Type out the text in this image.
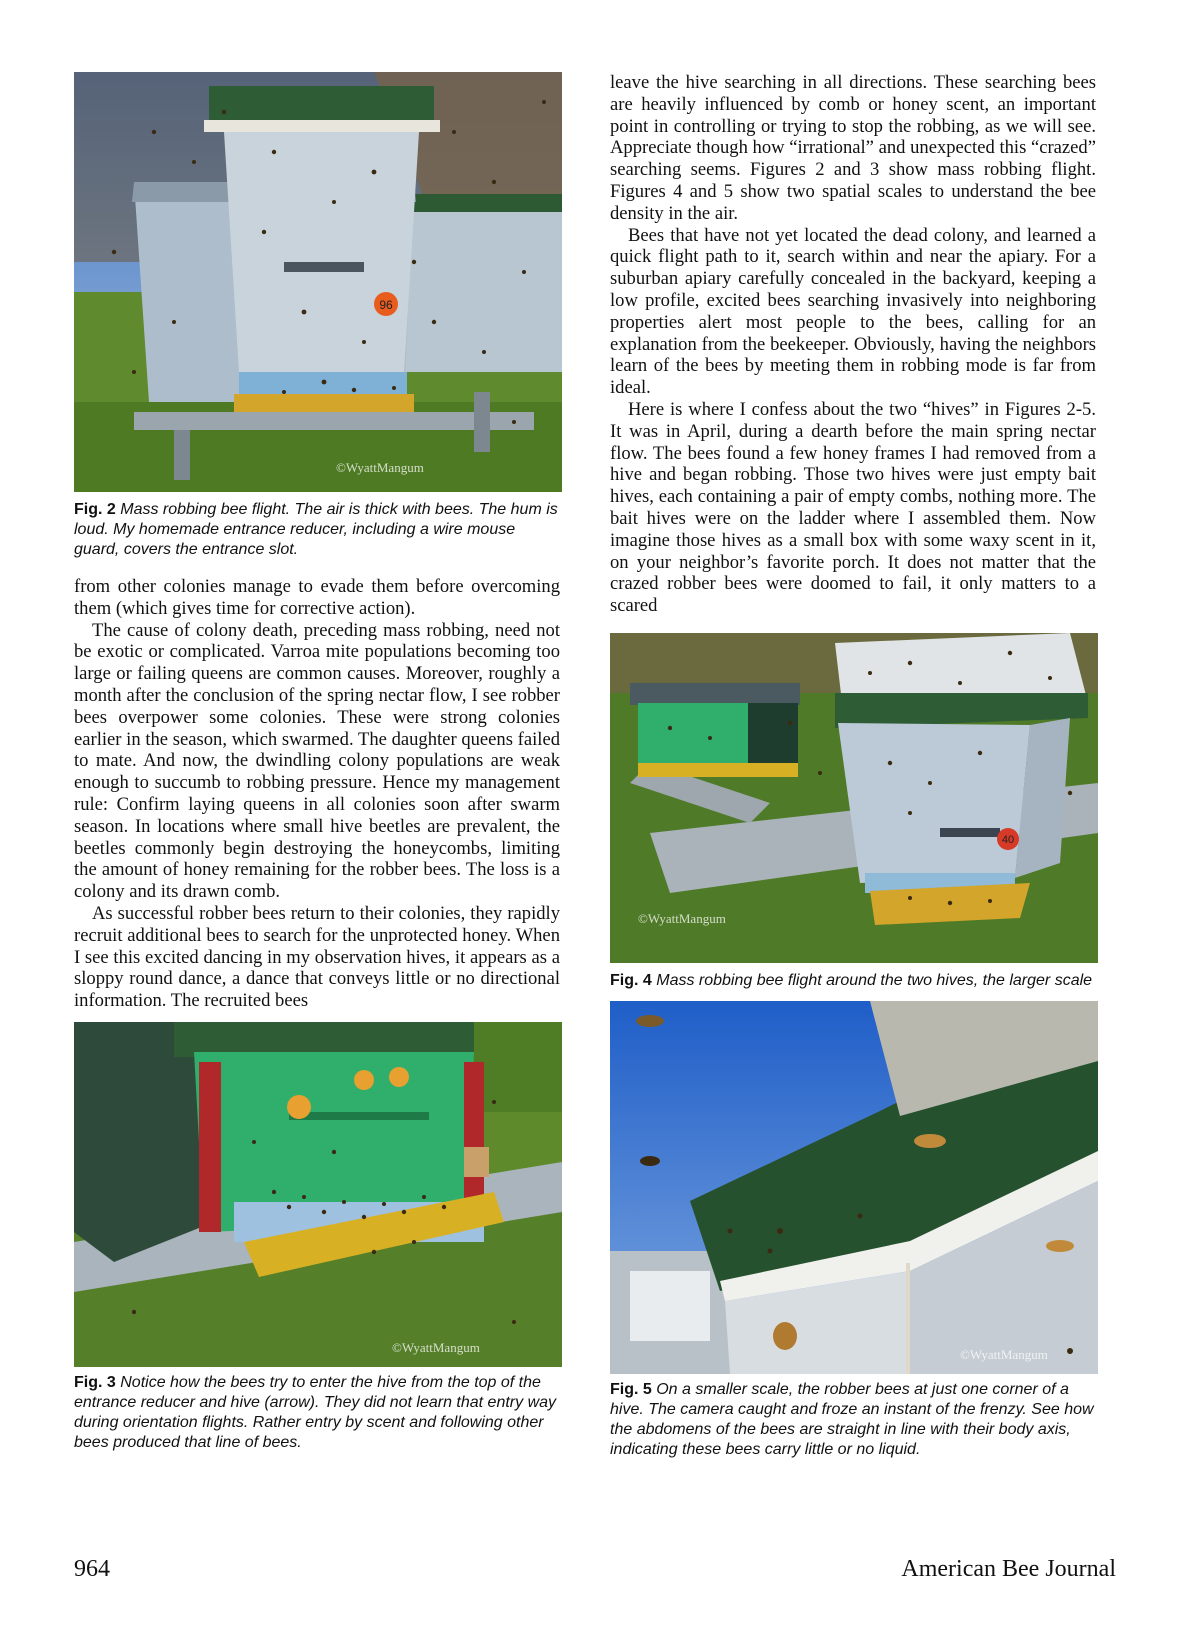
96
©WyattMangum

Fig. 2 Mass robbing bee flight. The air is thick with bees. The hum is loud. My homemade entrance reducer, including a wire mouse guard, covers the entrance slot.

from other colonies manage to evade them before overcoming them (which gives time for corrective action).

The cause of colony death, preceding mass robbing, need not be exotic or complicated. Varroa mite populations becoming too large or failing queens are common causes. Moreover, roughly a month after the conclusion of the spring nectar flow, I see robber bees overpower some colonies. These were strong colonies earlier in the season, which swarmed. The daughter queens failed to mate. And now, the dwindling colony populations are weak enough to succumb to robbing pressure. Hence my management rule: Confirm laying queens in all colonies soon after swarm season. In locations where small hive beetles are prevalent, the beetles commonly begin destroying the honeycombs, limiting the amount of honey remaining for the robber bees. The loss is a colony and its drawn comb.

As successful robber bees return to their colonies, they rapidly recruit additional bees to search for the unprotected honey. When I see this excited dancing in my observation hives, it appears as a sloppy round dance, a dance that conveys little or no directional information. The recruited bees

©WyattMangum

Fig. 3 Notice how the bees try to enter the hive from the top of the entrance reducer and hive (arrow). They did not learn that entry way during orientation flights. Rather entry by scent and following other bees produced that line of bees.

leave the hive searching in all directions. These searching bees are heavily influenced by comb or honey scent, an important point in controlling or trying to stop the robbing, as we will see. Appreciate though how “irrational” and unexpected this “crazed” searching seems. Figures 2 and 3 show mass robbing flight. Figures 4 and 5 show two spatial scales to understand the bee density in the air.

Bees that have not yet located the dead colony, and learned a quick flight path to it, search within and near the apiary. For a suburban apiary carefully concealed in the backyard, keeping a low profile, excited bees searching invasively into neighboring properties alert most people to the bees, calling for an explanation from the beekeeper. Obviously, having the neighbors learn of the bees by meeting them in robbing mode is far from ideal.

Here is where I confess about the two “hives” in Figures 2-5. It was in April, during a dearth before the main spring nectar flow. The bees found a few honey frames I had removed from a hive and began robbing. Those two hives were just empty bait hives, each containing a pair of empty combs, nothing more. The bait hives were on the ladder where I assembled them. Now imagine those hives as a small box with some waxy scent in it, on your neighbor’s favorite porch. It does not matter that the crazed robber bees were doomed to fail, it only matters to a scared

40
©WyattMangum

Fig. 4 Mass robbing bee flight around the two hives, the larger scale

©WyattMangum

Fig. 5 On a smaller scale, the robber bees at just one corner of a hive. The camera caught and froze an instant of the frenzy. See how the abdomens of the bees are straight in line with their body axis, indicating these bees carry little or no liquid.

964	American Bee Journal
